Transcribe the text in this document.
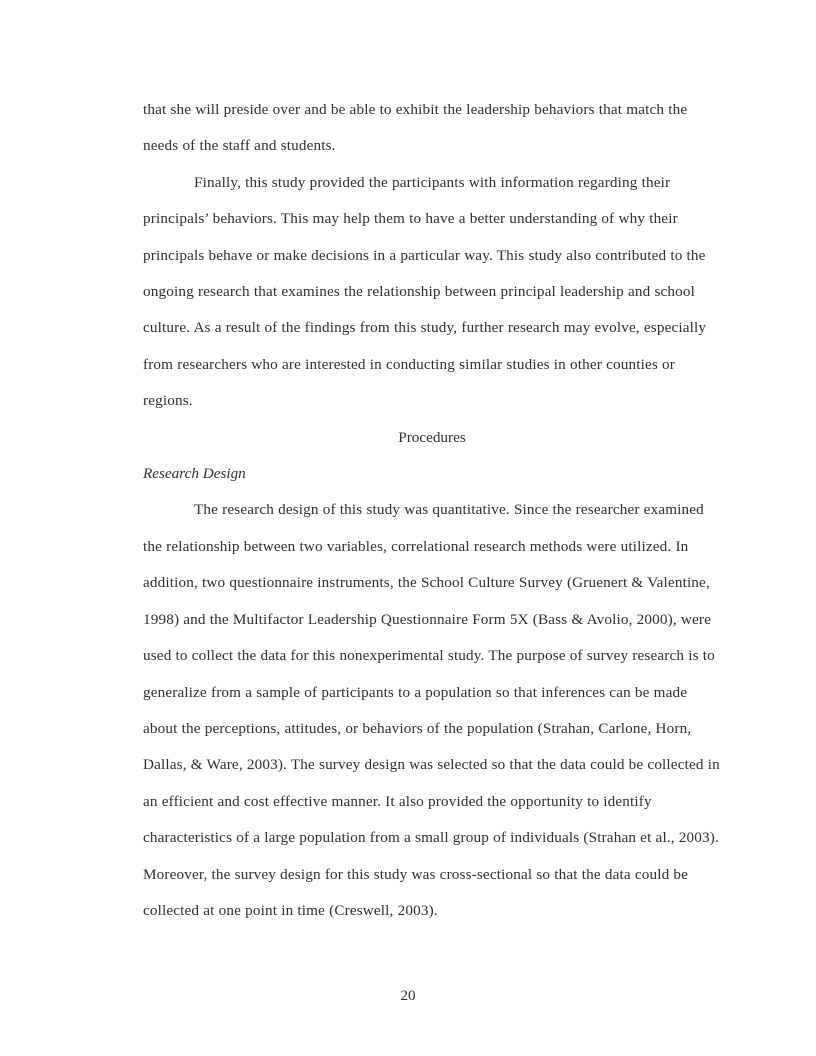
that she will preside over and be able to exhibit the leadership behaviors that match the needs of the staff and students.

Finally, this study provided the participants with information regarding their principals’ behaviors. This may help them to have a better understanding of why their principals behave or make decisions in a particular way. This study also contributed to the ongoing research that examines the relationship between principal leadership and school culture. As a result of the findings from this study, further research may evolve, especially from researchers who are interested in conducting similar studies in other counties or regions.

Procedures
Research Design

The research design of this study was quantitative. Since the researcher examined the relationship between two variables, correlational research methods were utilized. In addition, two questionnaire instruments, the School Culture Survey (Gruenert & Valentine, 1998) and the Multifactor Leadership Questionnaire Form 5X (Bass & Avolio, 2000), were used to collect the data for this nonexperimental study. The purpose of survey research is to generalize from a sample of participants to a population so that inferences can be made about the perceptions, attitudes, or behaviors of the population (Strahan, Carlone, Horn, Dallas, & Ware, 2003). The survey design was selected so that the data could be collected in an efficient and cost effective manner. It also provided the opportunity to identify characteristics of a large population from a small group of individuals (Strahan et al., 2003). Moreover, the survey design for this study was cross-sectional so that the data could be collected at one point in time (Creswell, 2003).

20
